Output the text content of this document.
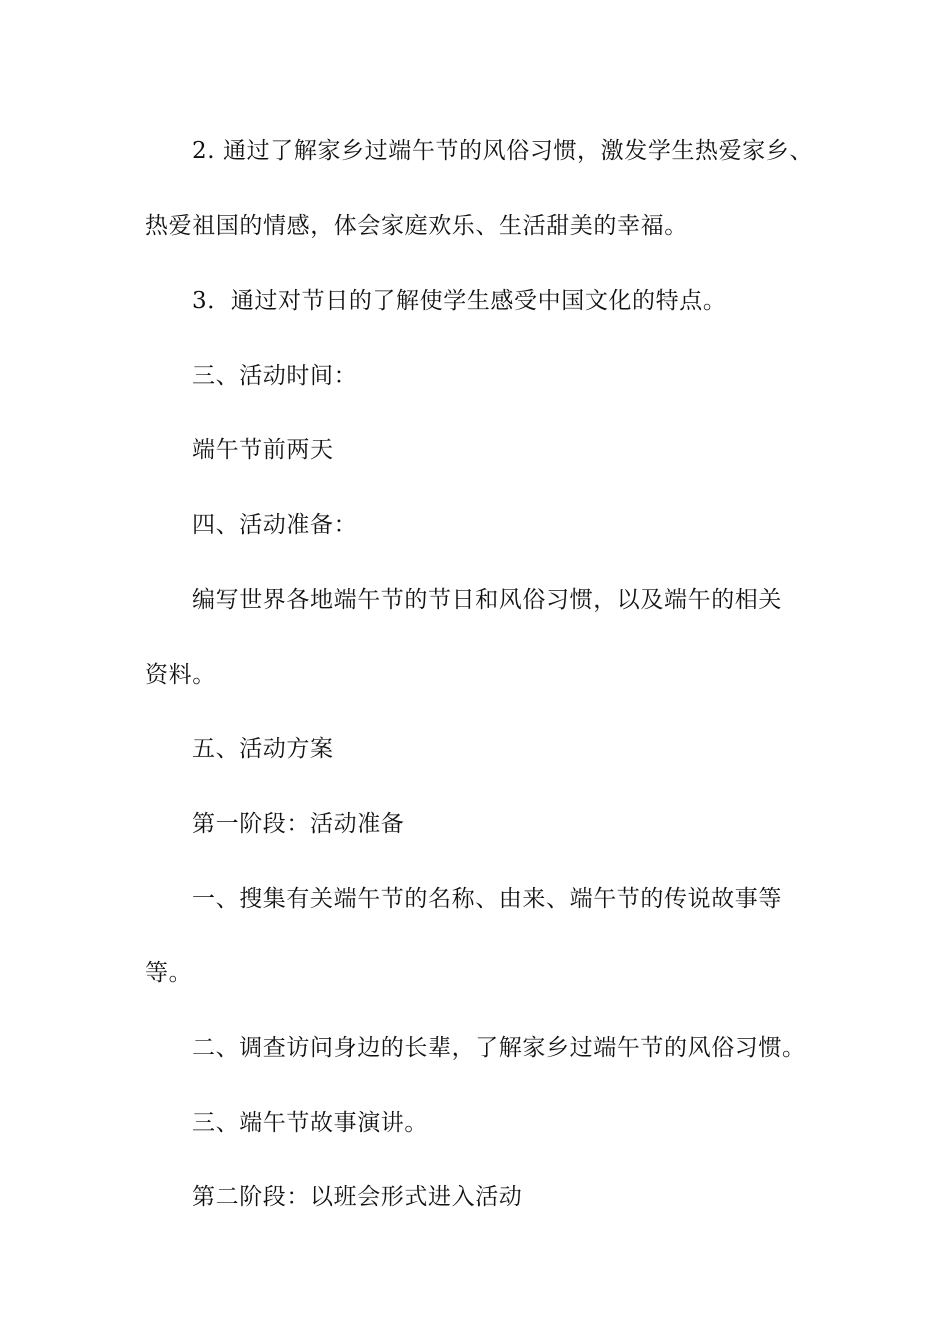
2. 通过了解家乡过端午节的风俗习惯，激发学生热爱家乡、
热爱祖国的情感，体会家庭欢乐、生活甜美的幸福。
3．通过对节日的了解使学生感受中国文化的特点。
三、活动时间：
端午节前两天
四、活动准备：
编写世界各地端午节的节日和风俗习惯，以及端午的相关
资料。
五、活动方案
第一阶段：活动准备
一、搜集有关端午节的名称、由来、端午节的传说故事等
等。
二、调查访问身边的长辈，了解家乡过端午节的风俗习惯。
三、端午节故事演讲。
第二阶段：以班会形式进入活动
